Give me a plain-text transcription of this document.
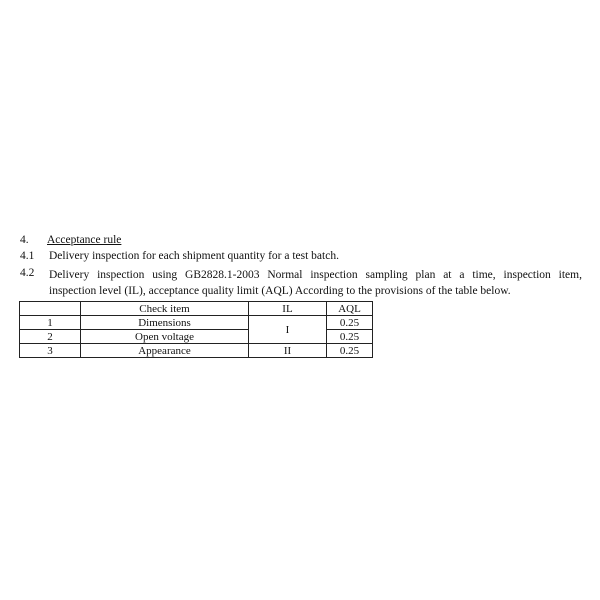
4. Acceptance rule
4.1 Delivery inspection for each shipment quantity for a test batch.
4.2 Delivery inspection using GB2828.1-2003 Normal inspection sampling plan at a time, inspection item,
inspection level (IL), acceptance quality limit (AQL) According to the provisions of the table below.
	Check item	IL	AQL
1	Dimensions	I	0.25
2	Open voltage		0.25
3	Appearance	II	0.25
